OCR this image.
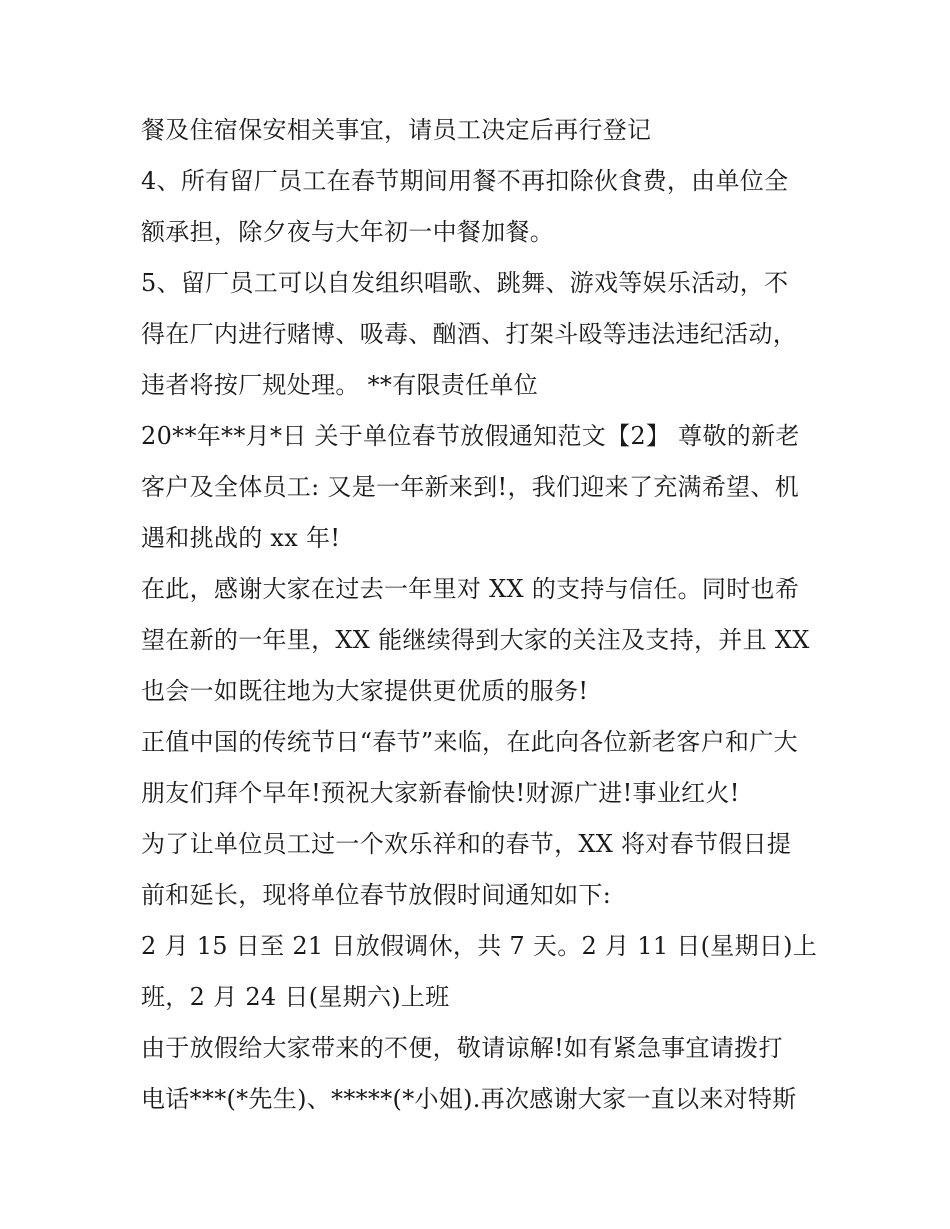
餐及住宿保安相关事宜，请员工决定后再行登记
4、所有留厂员工在春节期间用餐不再扣除伙食费，由单位全
额承担，除夕夜与大年初一中餐加餐。
5、留厂员工可以自发组织唱歌、跳舞、游戏等娱乐活动，不
得在厂内进行赌博、吸毒、酗酒、打架斗殴等违法违纪活动，
违者将按厂规处理。 **有限责任单位
20**年**月*日 关于单位春节放假通知范文【2】 尊敬的新老
客户及全体员工: 又是一年新来到!，我们迎来了充满希望、机
遇和挑战的 xx 年!
在此，感谢大家在过去一年里对 XX 的支持与信任。同时也希
望在新的一年里，XX 能继续得到大家的关注及支持，并且 XX
也会一如既往地为大家提供更优质的服务!
正值中国的传统节日“春节”来临，在此向各位新老客户和广大
朋友们拜个早年!预祝大家新春愉快!财源广进!事业红火!
为了让单位员工过一个欢乐祥和的春节，XX 将对春节假日提
前和延长，现将单位春节放假时间通知如下:
2 月 15 日至 21 日放假调休，共 7 天。2 月 11 日(星期日)上
班，2 月 24 日(星期六)上班
由于放假给大家带来的不便，敬请谅解!如有紧急事宜请拨打
电话***(*先生)、*****(*小姐).再次感谢大家一直以来对特斯
